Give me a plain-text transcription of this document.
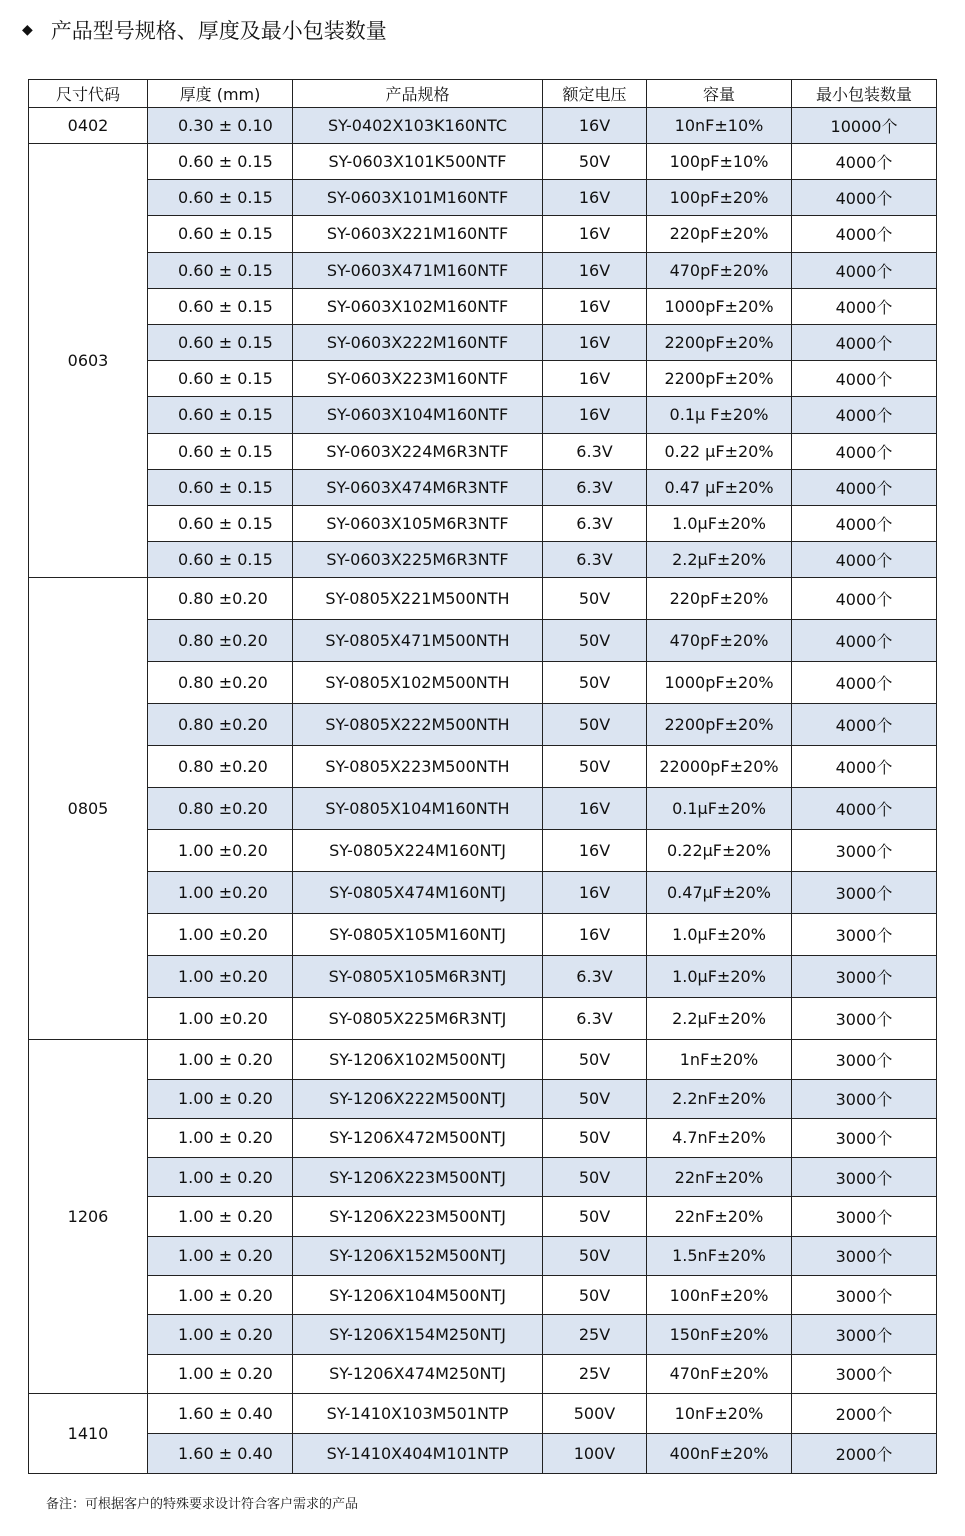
◆ 产品型号规格、厚度及最小包装数量
尺寸代码	厚度 (mm)	产品规格	额定电压	容量	最小包装数量
0402	0.30 ± 0.10	SY-0402X103K160NTC	16V	10nF±10%	10000个
0603	0.60 ± 0.15	SY-0603X101K500NTF	50V	100pF±10%	4000个
	0.60 ± 0.15	SY-0603X101M160NTF	16V	100pF±20%	4000个
	0.60 ± 0.15	SY-0603X221M160NTF	16V	220pF±20%	4000个
	0.60 ± 0.15	SY-0603X471M160NTF	16V	470pF±20%	4000个
	0.60 ± 0.15	SY-0603X102M160NTF	16V	1000pF±20%	4000个
	0.60 ± 0.15	SY-0603X222M160NTF	16V	2200pF±20%	4000个
	0.60 ± 0.15	SY-0603X223M160NTF	16V	2200pF±20%	4000个
	0.60 ± 0.15	SY-0603X104M160NTF	16V	0.1μ F±20%	4000个
	0.60 ± 0.15	SY-0603X224M6R3NTF	6.3V	0.22 μF±20%	4000个
	0.60 ± 0.15	SY-0603X474M6R3NTF	6.3V	0.47 μF±20%	4000个
	0.60 ± 0.15	SY-0603X105M6R3NTF	6.3V	1.0μF±20%	4000个
	0.60 ± 0.15	SY-0603X225M6R3NTF	6.3V	2.2μF±20%	4000个
0805	0.80 ±0.20	SY-0805X221M500NTH	50V	220pF±20%	4000个
	0.80 ±0.20	SY-0805X471M500NTH	50V	470pF±20%	4000个
	0.80 ±0.20	SY-0805X102M500NTH	50V	1000pF±20%	4000个
	0.80 ±0.20	SY-0805X222M500NTH	50V	2200pF±20%	4000个
	0.80 ±0.20	SY-0805X223M500NTH	50V	22000pF±20%	4000个
	0.80 ±0.20	SY-0805X104M160NTH	16V	0.1μF±20%	4000个
	1.00 ±0.20	SY-0805X224M160NTJ	16V	0.22μF±20%	3000个
	1.00 ±0.20	SY-0805X474M160NTJ	16V	0.47μF±20%	3000个
	1.00 ±0.20	SY-0805X105M160NTJ	16V	1.0μF±20%	3000个
	1.00 ±0.20	SY-0805X105M6R3NTJ	6.3V	1.0μF±20%	3000个
	1.00 ±0.20	SY-0805X225M6R3NTJ	6.3V	2.2μF±20%	3000个
1206	1.00 ± 0.20	SY-1206X102M500NTJ	50V	1nF±20%	3000个
	1.00 ± 0.20	SY-1206X222M500NTJ	50V	2.2nF±20%	3000个
	1.00 ± 0.20	SY-1206X472M500NTJ	50V	4.7nF±20%	3000个
	1.00 ± 0.20	SY-1206X223M500NTJ	50V	22nF±20%	3000个
	1.00 ± 0.20	SY-1206X223M500NTJ	50V	22nF±20%	3000个
	1.00 ± 0.20	SY-1206X152M500NTJ	50V	1.5nF±20%	3000个
	1.00 ± 0.20	SY-1206X104M500NTJ	50V	100nF±20%	3000个
	1.00 ± 0.20	SY-1206X154M250NTJ	25V	150nF±20%	3000个
	1.00 ± 0.20	SY-1206X474M250NTJ	25V	470nF±20%	3000个
1410	1.60 ± 0.40	SY-1410X103M501NTP	500V	10nF±20%	2000个
	1.60 ± 0.40	SY-1410X404M101NTP	100V	400nF±20%	2000个
备注：可根据客户的特殊要求设计符合客户需求的产品
